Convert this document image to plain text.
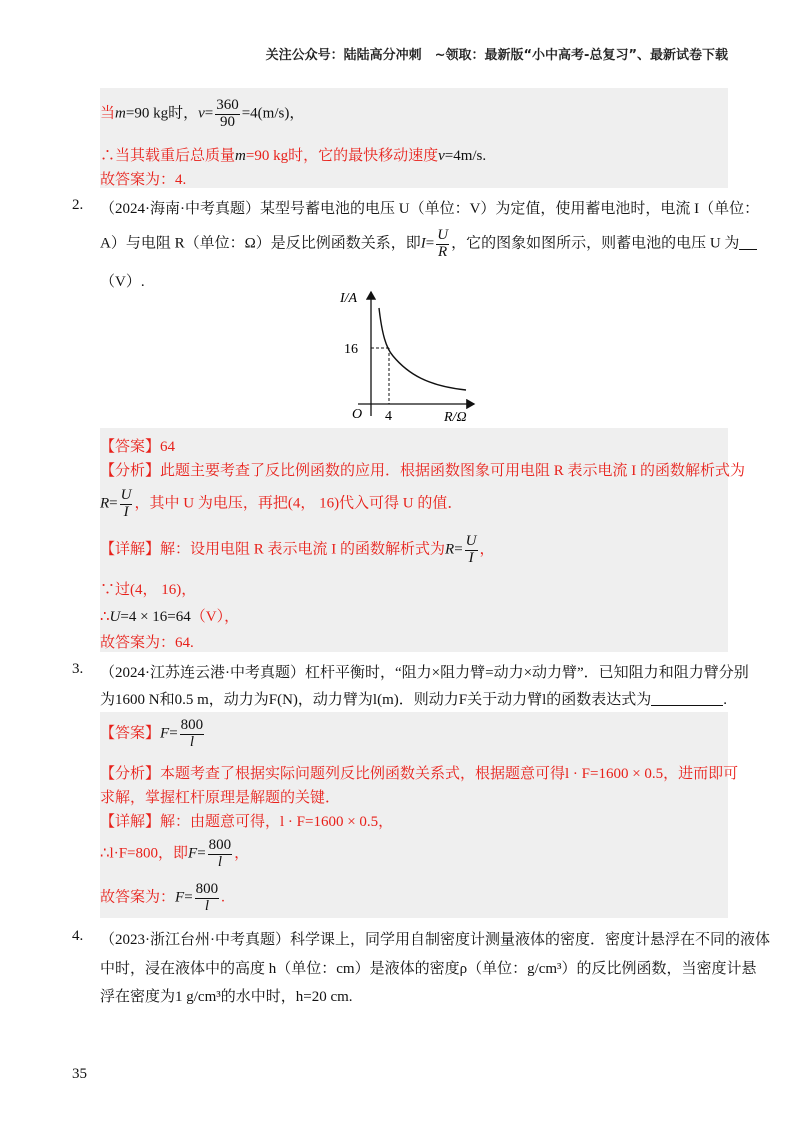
关注公众号：陆陆高分冲刺　~领取：最新版“小中高考-总复习”、最新试卷下载
当m=90 kg时，$v= \frac{360}{90} =4(m/s)$，
∴当其载重后总质量m=90 kg时，它的最快移动速度v=4m/s.
故答案为：4.
2. （2024·海南·中考真题）某型号蓄电池的电压 U（单位：V）为定值，使用蓄电池时，电流 I（单位：
A）与电阻 R（单位：Ω）是反比例函数关系，即$I= \frac{U}{R}$ ，它的图象如图所示，则蓄电池的电压 U 为
（V）.
I/A
R/Ω
O
16
4
【答案】64
【分析】此题主要考查了反比例函数的应用．根据函数图象可用电阻 R 表示电流 I 的函数解析式为
$R= \frac{U}{I}$ ，其中 U 为电压，再把(4， 16)代入可得 U 的值．
【详解】解：设用电阻 R 表示电流 I 的函数解析式为$R= \frac{U}{I}$ ，
∵过(4， 16)，
∴U=4 × 16=64（V），
故答案为：64.
3. （2024·江苏连云港·中考真题）杠杆平衡时，“阻力×阻力臂=动力×动力臂”．已知阻力和阻力臂分别
为1600 N和0.5 m，动力为F(N)，动力臂为l(m)．则动力F关于动力臂l的函数表达式为	.
【答案】$F= \frac{800}{l}$
【分析】本题考查了根据实际问题列反比例函数关系式，根据题意可得l · F=1600 × 0.5，进而即可
求解，掌握杠杆原理是解题的关键．
【详解】解：由题意可得，l · F=1600 × 0.5，
∴l·F=800，即$F= \frac{800}{l}$ ，
故答案为：$F= \frac{800}{l}$ .
4. （2023·浙江台州·中考真题）科学课上，同学用自制密度计测量液体的密度．密度计悬浮在不同的液体
中时，浸在液体中的高度 h（单位：cm）是液体的密度ρ（单位：g/cm³）的反比例函数，当密度计悬
浮在密度为1 g/cm³的水中时，h=20 cm.
35
